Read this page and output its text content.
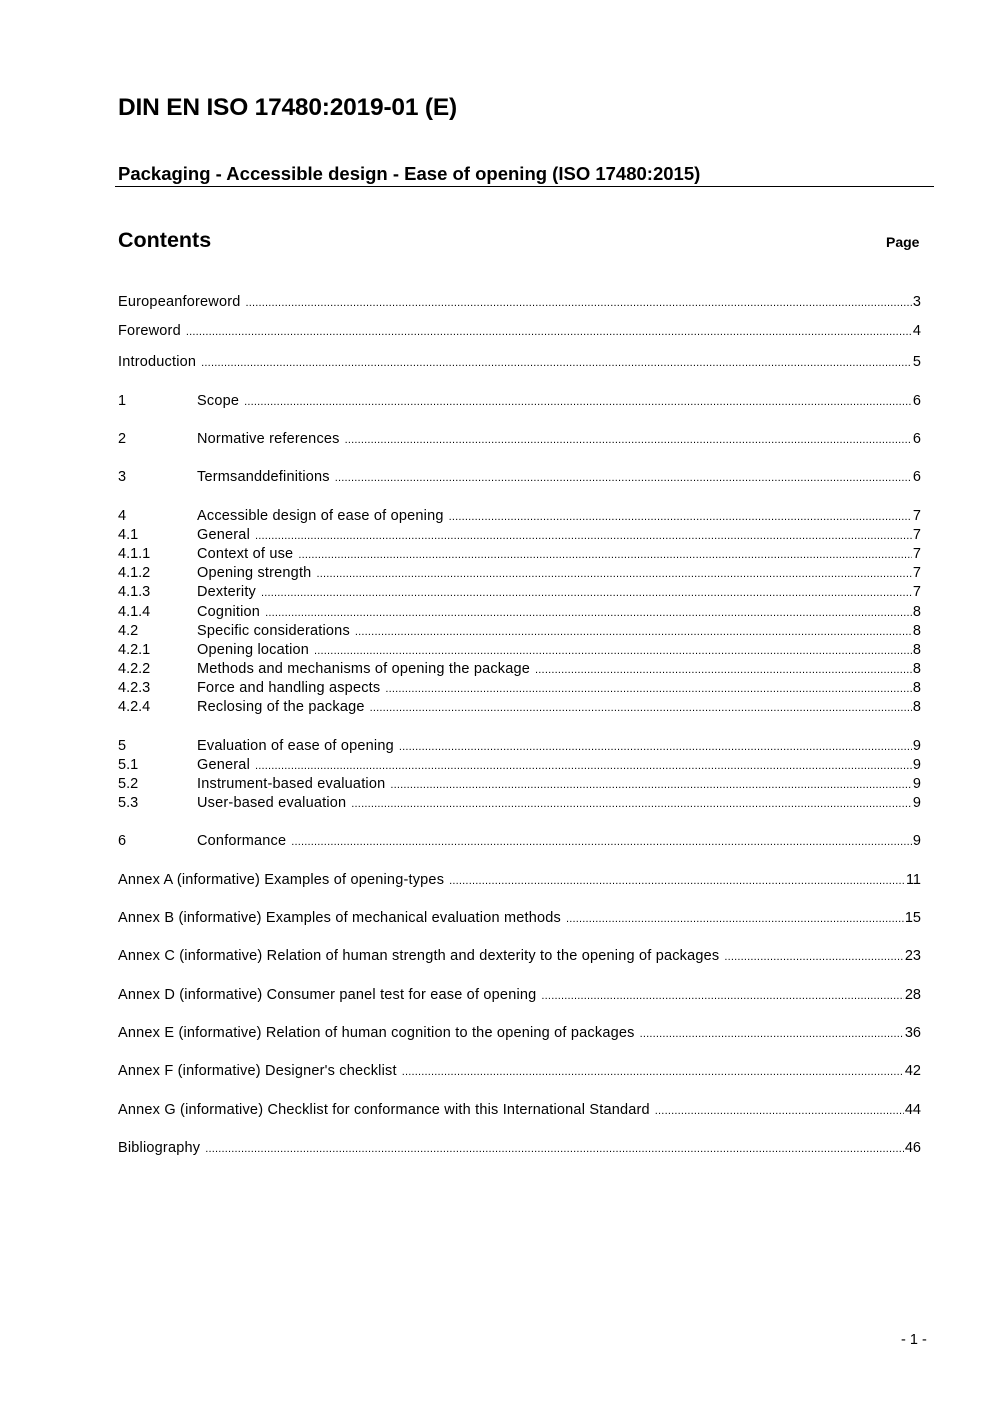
DIN EN ISO 17480:2019-01 (E)
Packaging - Accessible design - Ease of opening (ISO 17480:2015)
Contents	Page
Europeanforeword .....	3
Foreword .....	4
Introduction .....	5
1	Scope .....	6
2	Normative references .....	6
3	Termsanddefinitions .....	6
4	Accessible design of ease of opening .....	7
4.1	General .....	7
4.1.1	Context of use .....	7
4.1.2	Opening strength .....	7
4.1.3	Dexterity .....	7
4.1.4	Cognition .....	8
4.2	Specific considerations .....	8
4.2.1	Opening location .....	8
4.2.2	Methods and mechanisms of opening the package .....	8
4.2.3	Force and handling aspects .....	8
4.2.4	Reclosing of the package .....	8
5	Evaluation of ease of opening .....	9
5.1	General .....	9
5.2	Instrument-based evaluation .....	9
5.3	User-based evaluation .....	9
6	Conformance .....	9
Annex A (informative) Examples of opening-types .....	11
Annex B (informative) Examples of mechanical evaluation methods .....	15
Annex C (informative) Relation of human strength and dexterity to the opening of packages .....	23
Annex D (informative) Consumer panel test for ease of opening .....	28
Annex E (informative) Relation of human cognition to the opening of packages .....	36
Annex F (informative) Designer's checklist .....	42
Annex G (informative) Checklist for conformance with this International Standard .....	44
Bibliography .....	46
- 1 -
